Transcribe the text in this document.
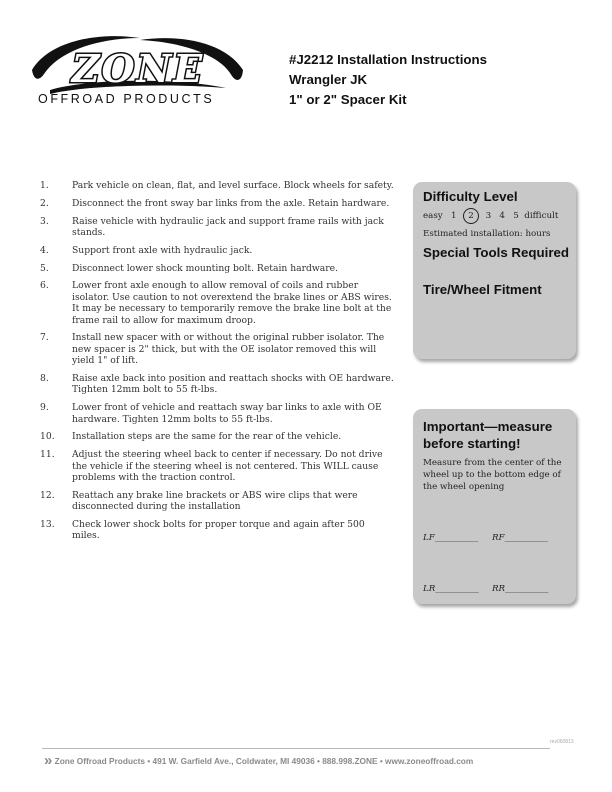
ZONE
OFFROAD PRODUCTS
#J2212 Installation Instructions
Wrangler JK
1" or 2" Spacer Kit
1.	Park vehicle on clean, flat, and level surface. Block wheels for safety.
2.	Disconnect the front sway bar links from the axle. Retain hardware.
3.	Raise vehicle with hydraulic jack and support frame rails with jack stands.
4.	Support front axle with hydraulic jack.
5.	Disconnect lower shock mounting bolt. Retain hardware.
6.	Lower front axle enough to allow removal of coils and rubber isolator. Use caution to not overextend the brake lines or ABS wires. It may be necessary to temporarily remove the brake line bolt at the frame rail to allow for maximum droop.
7.	Install new spacer with or without the original rubber isolator. The new spacer is 2" thick, but with the OE isolator removed this will yield 1" of lift.
8.	Raise axle back into position and reattach shocks with OE hardware. Tighten 12mm bolt to 55 ft-lbs.
9.	Lower front of vehicle and reattach sway bar links to axle with OE hardware. Tighten 12mm bolts to 55 ft-lbs.
10.	Installation steps are the same for the rear of the vehicle.
11.	Adjust the steering wheel back to center if necessary. Do not drive the vehicle if the steering wheel is not centered. This WILL cause problems with the traction control.
12.	Reattach any brake line brackets or ABS wire clips that were disconnected during the installation
13.	Check lower shock bolts for proper torque and again after 500 miles.
Difficulty Level
easy 1 2 3 4 5 difficult
Estimated installation: hours
Special Tools Required
Tire/Wheel Fitment
Important—measure
before starting!
Measure from the center of the wheel up to the bottom edge of the wheel opening
LF__________ RF__________
LR__________ RR__________
rev060813
» Zone Offroad Products • 491 W. Garfield Ave., Coldwater, MI 49036 • 888.998.ZONE • www.zoneoffroad.com
